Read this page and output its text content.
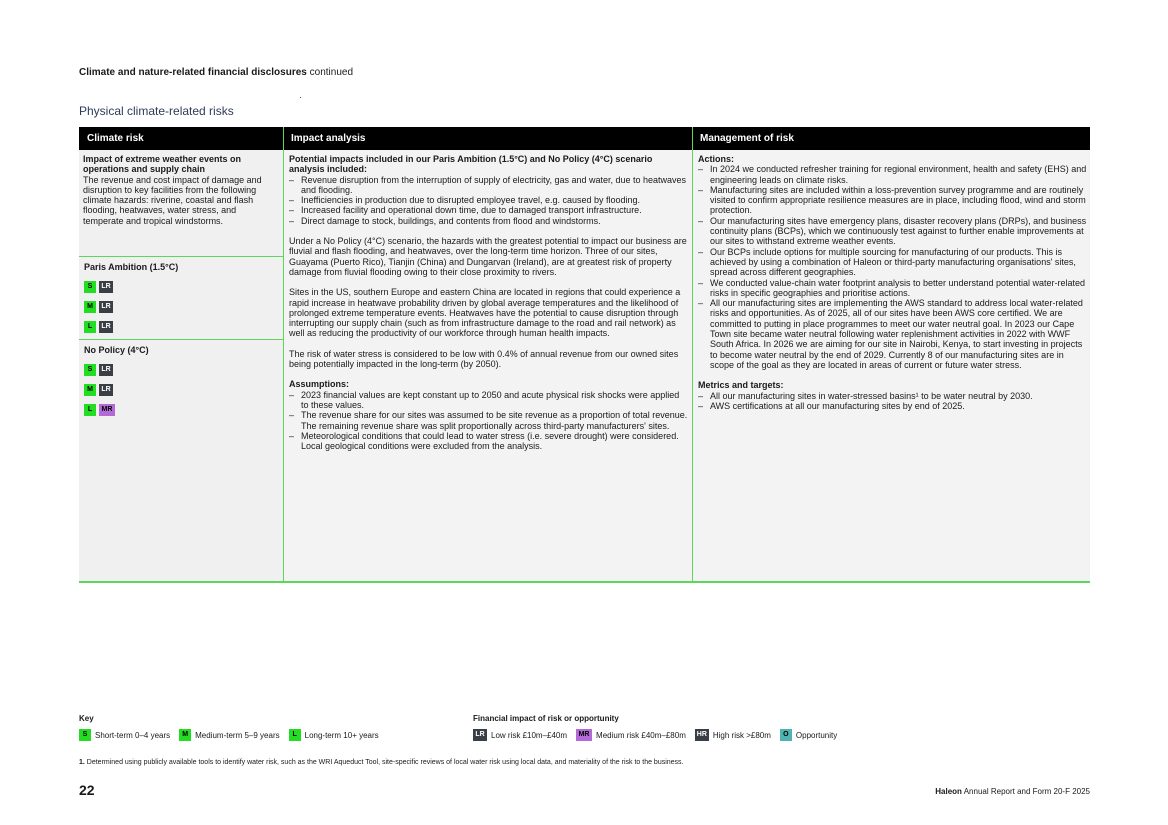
Climate and nature-related financial disclosures continued
Physical climate-related risks
Climate risk
Impact of extreme weather events on operations and supply chain
The revenue and cost impact of damage and disruption to key facilities from the following climate hazards: riverine, coastal and flash flooding, heatwaves, water stress, and temperate and tropical windstorms.
Paris Ambition (1.5°C)
S	LR
M	LR
L	LR
No Policy (4°C)
S	LR
M	LR
L	MR
Impact analysis
Potential impacts included in our Paris Ambition (1.5°C) and No Policy (4°C) scenario analysis included:
– Revenue disruption from the interruption of supply of electricity, gas and water, due to heatwaves and flooding.
– Inefficiencies in production due to disrupted employee travel, e.g. caused by flooding.
– Increased facility and operational down time, due to damaged transport infrastructure.
– Direct damage to stock, buildings, and contents from flood and windstorms.

Under a No Policy (4°C) scenario, the hazards with the greatest potential to impact our business are fluvial and flash flooding, and heatwaves, over the long-term time horizon. Three of our sites, Guayama (Puerto Rico), Tianjin (China) and Dungarvan (Ireland), are at greatest risk of property damage from fluvial flooding owing to their close proximity to rivers.

Sites in the US, southern Europe and eastern China are located in regions that could experience a rapid increase in heatwave probability driven by global average temperatures and the likelihood of prolonged extreme temperature events. Heatwaves have the potential to cause disruption through interrupting our supply chain (such as from infrastructure damage to the road and rail network) as well as reducing the productivity of our workforce through human health impacts.

The risk of water stress is considered to be low with 0.4% of annual revenue from our owned sites being potentially impacted in the long-term (by 2050).

Assumptions:
– 2023 financial values are kept constant up to 2050 and acute physical risk shocks were applied to these values.
– The revenue share for our sites was assumed to be site revenue as a proportion of total revenue. The remaining revenue share was split proportionally across third-party manufacturers' sites.
– Meteorological conditions that could lead to water stress (i.e. severe drought) were considered. Local geological conditions were excluded from the analysis.
Management of risk
Actions:
– In 2024 we conducted refresher training for regional environment, health and safety (EHS) and engineering leads on climate risks.
– Manufacturing sites are included within a loss-prevention survey programme and are routinely visited to confirm appropriate resilience measures are in place, including flood, wind and storm protection.
– Our manufacturing sites have emergency plans, disaster recovery plans (DRPs), and business continuity plans (BCPs), which we continuously test against to further enable improvements at our sites to withstand extreme weather events.
– Our BCPs include options for multiple sourcing for manufacturing of our products. This is achieved by using a combination of Haleon or third-party manufacturing organisations' sites, spread across different geographies.
– We conducted value-chain water footprint analysis to better understand potential water-related risks in specific geographies and prioritise actions.
– All our manufacturing sites are implementing the AWS standard to address local water-related risks and opportunities. As of 2025, all of our sites have been AWS core certified. We are committed to putting in place programmes to meet our water neutral goal. In 2023 our Cape Town site became water neutral following water replenishment activities in 2022 with WWF South Africa. In 2026 we are aiming for our site in Nairobi, Kenya, to start investing in projects to become water neutral by the end of 2029. Currently 8 of our manufacturing sites are in scope of the goal as they are located in areas of current or future water stress.
Metrics and targets:
– All our manufacturing sites in water-stressed basins¹ to be water neutral by 2030.
– AWS certifications at all our manufacturing sites by end of 2025.
Key
S Short-term 0–4 years	M Medium-term 5–9 years	L Long-term 10+ years
Financial impact of risk or opportunity
LR Low risk £10m–£40m	MR Medium risk £40m–£80m HR High risk >£80m	O Opportunity
1. Determined using publicly available tools to identify water risk, such as the WRI Aqueduct Tool, site-specific reviews of local water risk using local data, and materiality of the risk to the business.
22	Haleon Annual Report and Form 20-F 2025
